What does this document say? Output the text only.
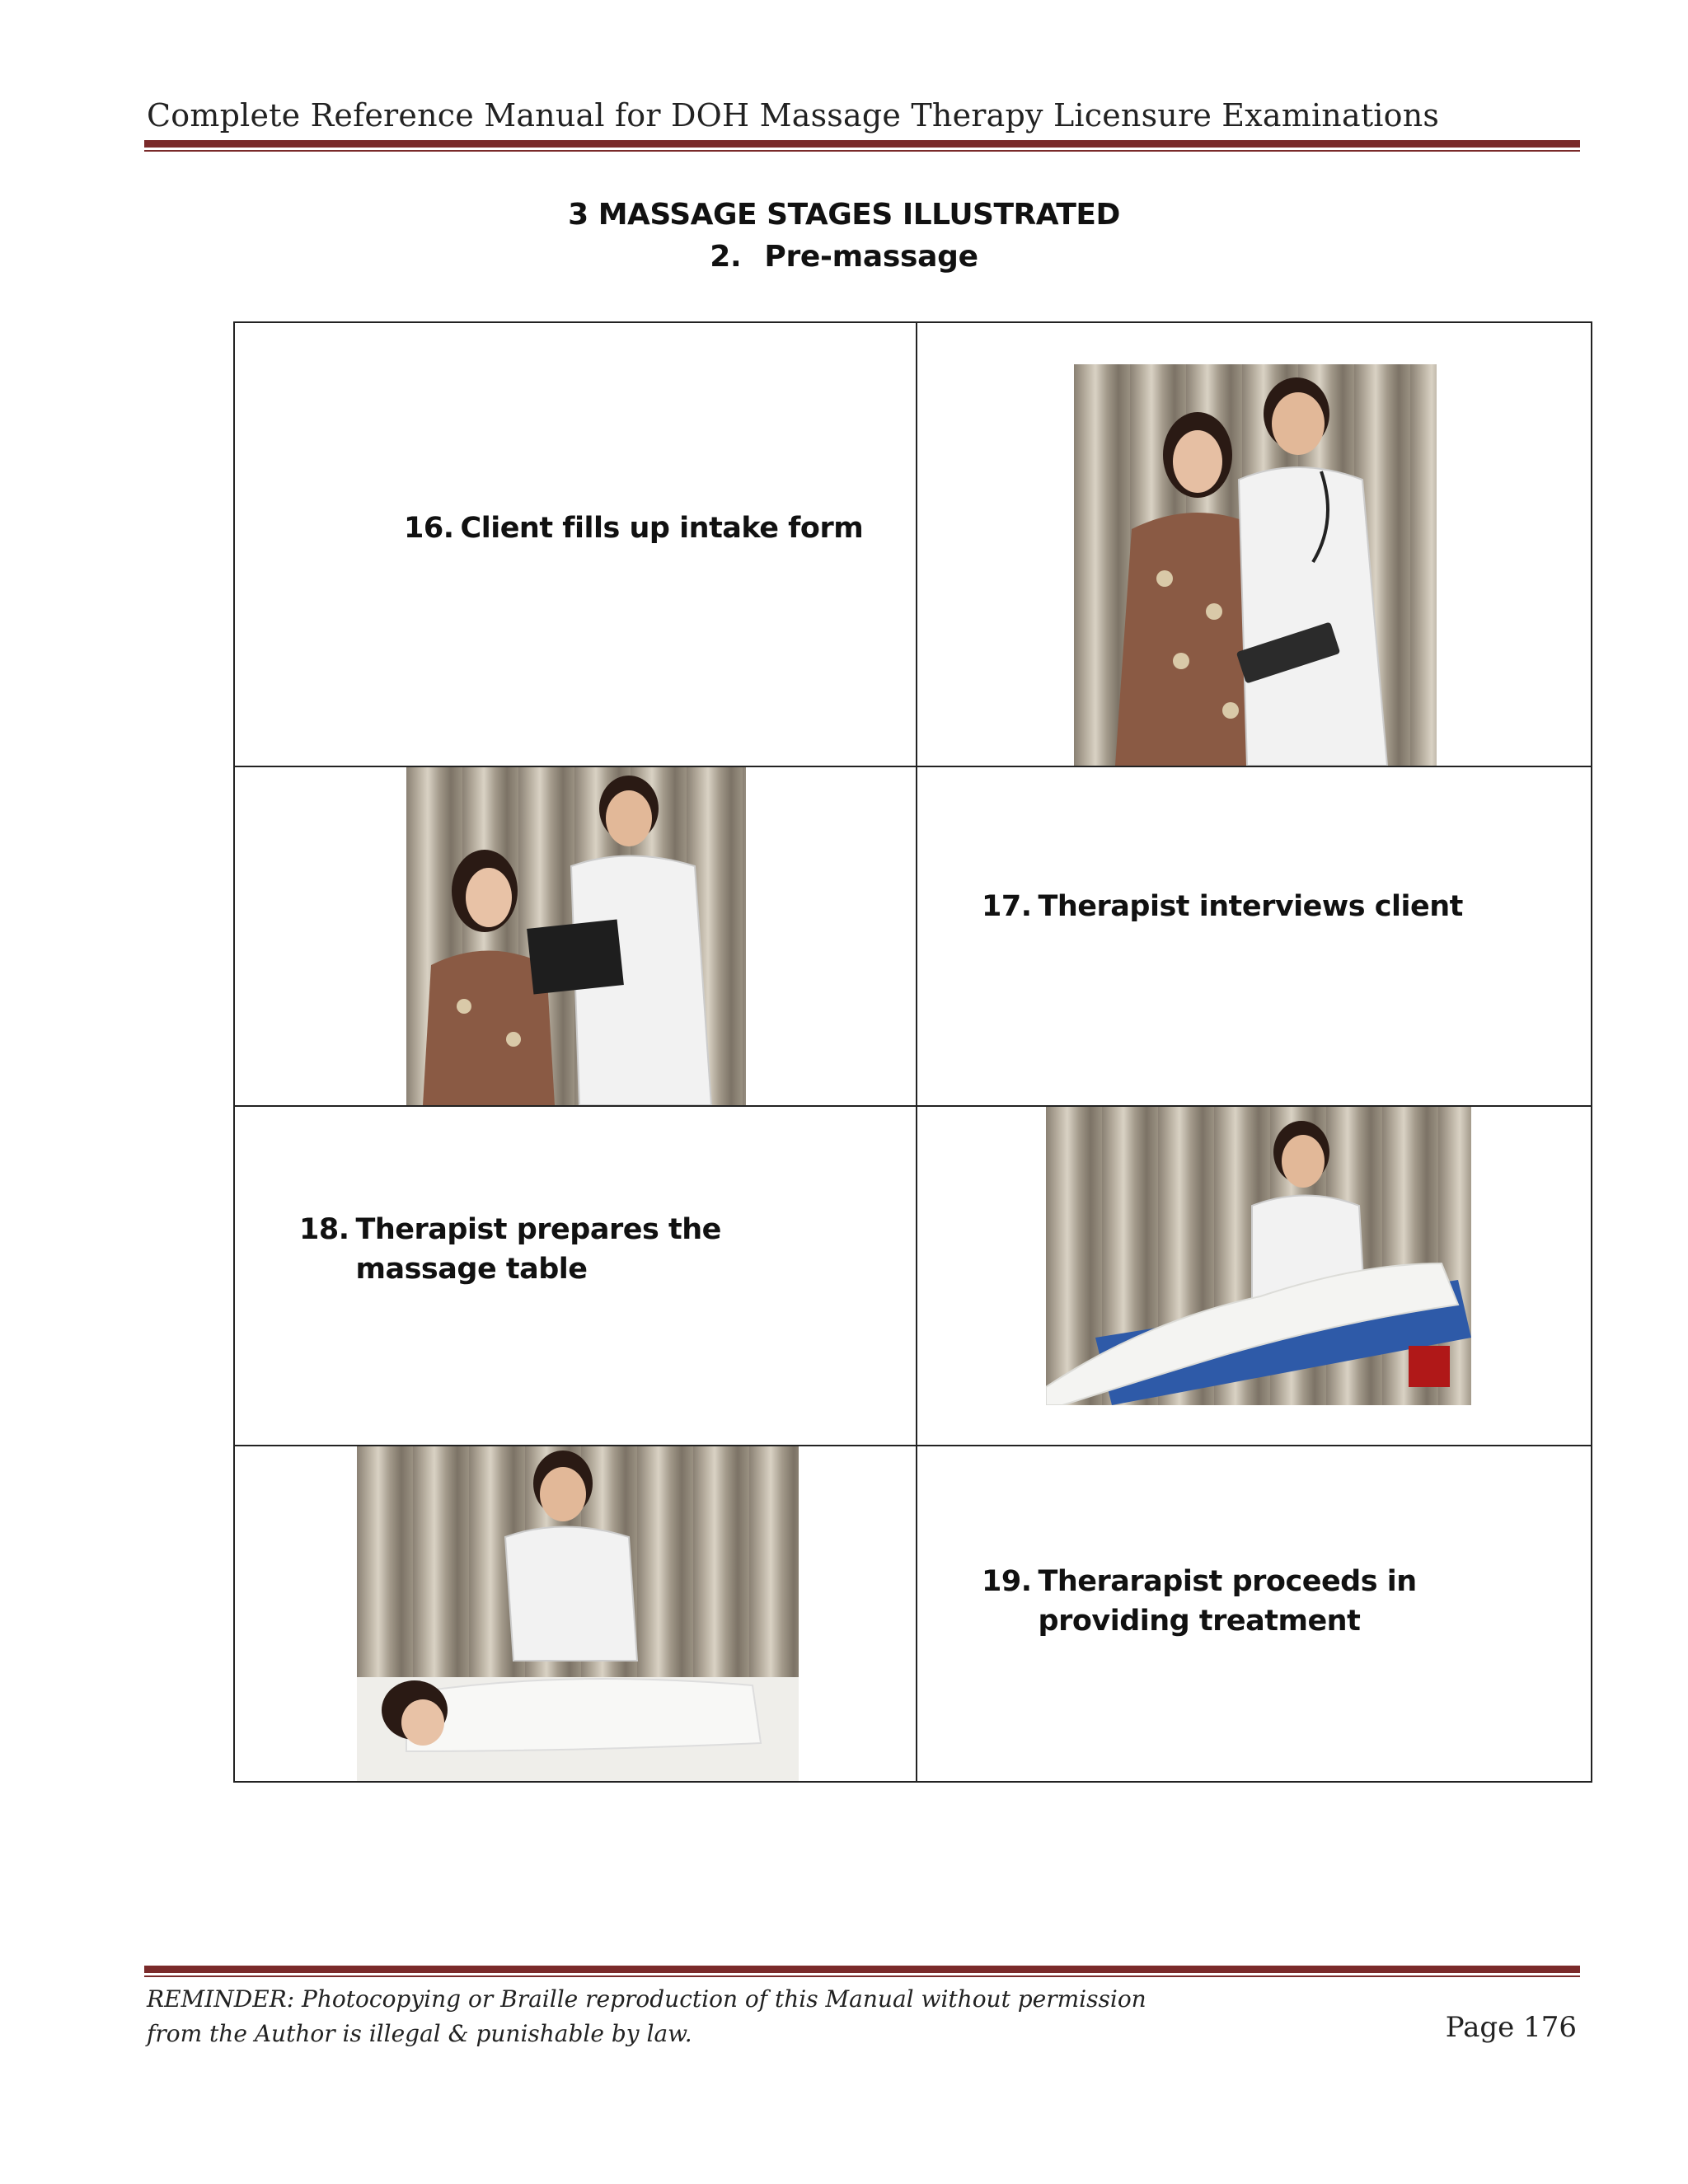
Complete Reference Manual for DOH Massage Therapy Licensure Examinations
3 MASSAGE STAGES ILLUSTRATED
2. Pre-massage
16. Client fills up intake form

17. Therapist interviews client

18. Therapist prepares the massage table

19. Therarapist proceeds in providing treatment
REMINDER: Photocopying or Braille reproduction of this Manual without permission
from the Author is illegal & punishable by law.	Page 176
